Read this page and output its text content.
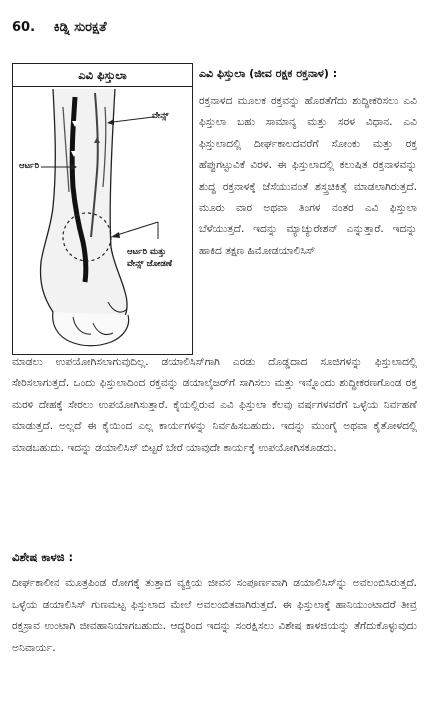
60. ಕಿಡ್ನಿ ಸುರಕ್ಷತೆ
ಎವಿ ಫಿಸ್ತುಲಾ
ಆರ್ಟರಿ
ವೇನ್ಸ್
ಆರ್ಟರಿ ಮತ್ತು
ವೇನ್ಸ್ ಜೋಡಣೆ
ಎವಿ ಫಿಸ್ತುಲಾ (ಜೀವ ರಕ್ಷಕ ರಕ್ತನಾಳ) :
ರಕ್ತನಾಳದ ಮೂಲಕ ರಕ್ತವನ್ನು ಹೊರತೆಗೆದು ಶುದ್ಧೀಕರಿಸಲು ಎವಿ ಫಿಸ್ತುಲಾ ಬಹು ಸಾಮಾನ್ಯ ಮತ್ತು ಸರಳ ವಿಧಾನ. ಎವಿ ಫಿಸ್ತುಲಾದಲ್ಲಿ ದೀರ್ಘಕಾಲದವರೆಗೆ ಸೋಂಕು ಮತ್ತು ರಕ್ತ ಹೆಪ್ಪುಗಟ್ಟುವಿಕೆ ವಿರಳ. ಈ ಫಿಸ್ತುಲಾದಲ್ಲಿ ಕಲುಷಿತ ರಕ್ತನಾಳವನ್ನು ಶುದ್ಧ ರಕ್ತನಾಳಕ್ಕೆ ಜೆಸೆಯುವಂತೆ ಶಸ್ತ್ರಚಿಕಿತ್ಸೆ ಮಾಡಲಾಗಿರುತ್ತದೆ. ಮೂರು ವಾರ ಅಥವಾ ತಿಂಗಳ ನಂತರ ಎವಿ ಫಿಸ್ತುಲಾ ಬೆಳೆಯುತ್ತದೆ. ಇದನ್ನು ಮ್ಯಾಚ್ಯುರೇಶನ್ ಎನ್ನುತ್ತಾರೆ. ಇದನ್ನು ಹಾಕಿದ ತಕ್ಷಣ ಹಿಮೋಡಯಾಲಿಸಿಸ್
ಮಾಡಲು ಉಪಯೋಗಿಸಲಾಗುವುದಿಲ್ಲ. ಡಯಾಲಿಸಿಸ್‌ಗಾಗಿ ಎರಡು ದೊಡ್ಡದಾದ ಸೂಜಿಗಳನ್ನು ಫಿಸ್ತುಲಾದಲ್ಲಿ ಸೇರಿಸಲಾಗುತ್ತದೆ. ಒಂದು ಫಿಸ್ತುಲಾದಿಂದ ರಕ್ತವನ್ನು ಡಯಾಲೈಜರ್‌ಗೆ ಸಾಗಿಸಲು ಮತ್ತು ಇನ್ನೊಂದು ಶುದ್ಧೀಕರಣಗೊಂಡ ರಕ್ತ ಮರಳಿ ದೇಹಕ್ಕೆ ಸೇರಲು ಉಪಯೋಗಿಸುತ್ತಾರೆ. ಕೈಯಲ್ಲಿರುವ ಎವಿ ಫಿಸ್ತುಲಾ ಕೆಲವು ವರ್ಷಗಳವರೆಗೆ ಒಳ್ಳೆಯ ನಿರ್ವಹಣೆ ಮಾಡುತ್ತದೆ. ಅಲ್ಲದೆ ಈ ಕೈಯಿಂದ ಎಲ್ಲ ಕಾರ್ಯಗಳನ್ನು ನಿರ್ವಹಿಸಬಹುದು. ಇದನ್ನು ಮುಂಗೈ ಅಥವಾ ಕೈತೋಳದಲ್ಲಿ ಮಾಡಬಹುದು. ಇದನ್ನು ಡಯಾಲಿಸಿಸ್ ಬಿಟ್ಟರೆ ಬೇರೆ ಯಾವುದೇ ಕಾರ್ಯಕ್ಕೆ ಉಪಯೋಗಿಸಕೂಡದು.
ವಿಶೇಷ ಕಾಳಜಿ :
ದೀರ್ಘಕಾಲೀನ ಮೂತ್ರಪಿಂಡ ರೋಗಕ್ಕೆ ತುತ್ತಾದ ವ್ಯಕ್ತಿಯ ಜೀವನ ಸಂಪೂರ್ಣವಾಗಿ ಡಯಾಲಿಸಿಸ್‌ನ್ನು ಅವಲಂಬಿಸಿರುತ್ತದೆ. ಒಳ್ಳೆಯ ಡಯಾಲಿಸಿಸ್ ಗುಣಮಟ್ಟ ಫಿಸ್ತುಲಾದ ಮೇಲೆ ಅವಲಂಬಿತವಾಗಿರುತ್ತದೆ. ಈ ಫಿಸ್ತುಲಾಕ್ಕೆ ಹಾನಿಯುಂಟಾದರೆ ತೀವ್ರ ರಕ್ತಸ್ರಾವ ಉಂಟಾಗಿ ಜೀವಹಾನಿಯಾಗಬಹುದು. ಆದ್ದರಿಂದ ಇದನ್ನು ಸಂರಕ್ಷಿಸಲು ವಿಶೇಷ ಕಾಳಜಿಯನ್ನು ತೆಗೆದುಕೊಳ್ಳುವುದು ಅನಿವಾರ್ಯ.
